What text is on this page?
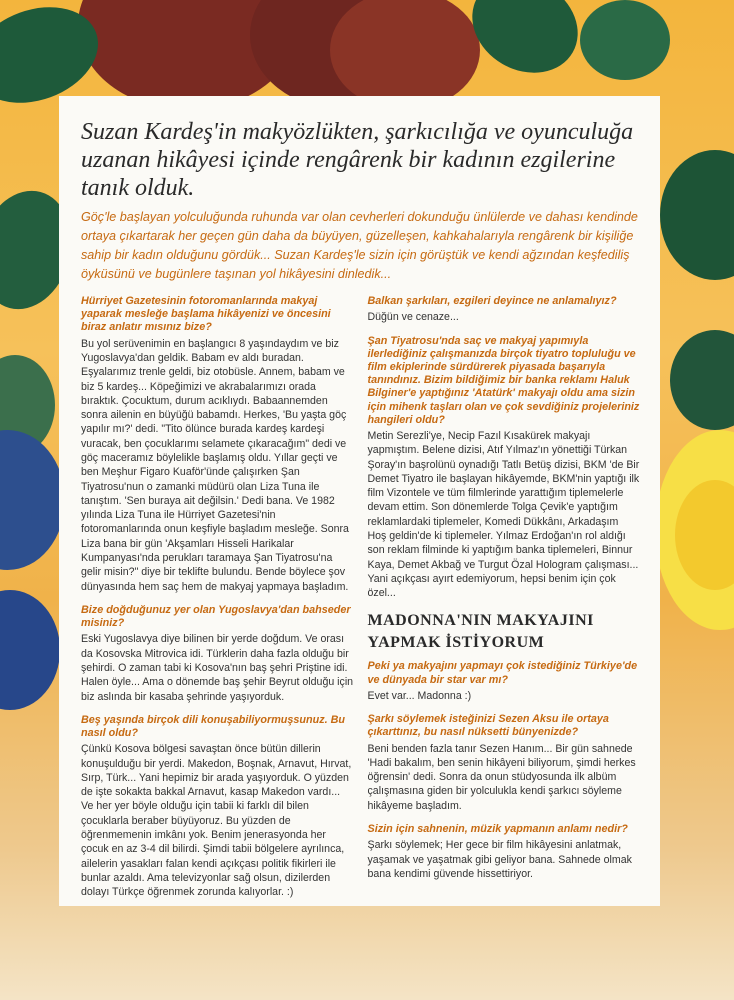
Suzan Kardeş'in makyözlükten, şarkıcılığa ve oyunculuğa uzanan hikâyesi içinde rengârenk bir kadının ezgilerine tanık olduk.

Göç'le başlayan yolculuğunda ruhunda var olan cevherleri dokunduğu ünlülerde ve dahası kendinde ortaya çıkartarak her geçen gün daha da büyüyen, güzelleşen, kahkahalarıyla rengârenk bir kişiliğe sahip bir kadın olduğunu gördük... Suzan Kardeş'le sizin için görüştük ve kendi ağzından keşfediliş öyküsünü ve bugünlere taşınan yol hikâyesini dinledik...

Hürriyet Gazetesinin fotoromanlarında makyaj yaparak mesleğe başlama hikâyenizi ve öncesini biraz anlatır mısınız bize?

Bu yol serüvenimin en başlangıcı 8 yaşındaydım ve biz Yugoslavya'dan geldik. Babam ev aldı buradan. Eşyalarımız trenle geldi, biz otobüsle. Annem, babam ve biz 5 kardeş... Köpeğimizi ve akrabalarımızı orada bıraktık. Çocuktum, durum acıklıydı. Babaannemden sonra ailenin en büyüğü babamdı. Herkes, 'Bu yaşta göç yapılır mı?' dedi. "Tito ölünce burada kardeş kardeşi vuracak, ben çocuklarımı selamete çıkaracağım" dedi ve göç maceramız böylelikle başlamış oldu. Yıllar geçti ve ben Meşhur Figaro Kuaför'ünde çalışırken Şan Tiyatrosu'nun o zamanki müdürü olan Liza Tuna ile tanıştım. 'Sen buraya ait değilsin.' Dedi bana. Ve 1982 yılında Liza Tuna ile Hürriyet Gazetesi'nin fotoromanlarında onun keşfiyle başladım mesleğe. Sonra Liza bana bir gün 'Akşamları Hisseli Harikalar Kumpanyası'nda perukları taramaya Şan Tiyatrosu'na gelir misin?" diye bir teklifte bulundu. Bende böylece şov dünyasında hem saç hem de makyaj yapmaya başladım.

Bize doğduğunuz yer olan Yugoslavya'dan bahseder misiniz?

Eski Yugoslavya diye bilinen bir yerde doğdum. Ve orası da Kosovska Mitrovica idi. Türklerin daha fazla olduğu bir şehirdi. O zaman tabi ki Kosova'nın baş şehri Priştine idi. Halen öyle... Ama o dönemde baş şehir Beyrut olduğu için biz aslında bir kasaba şehrinde yaşıyorduk.

Beş yaşında birçok dili konuşabiliyormuşsunuz. Bu nasıl oldu?

Çünkü Kosova bölgesi savaştan önce bütün dillerin konuşulduğu bir yerdi. Makedon, Boşnak, Arnavut, Hırvat, Sırp, Türk... Yani hepimiz bir arada yaşıyorduk. O yüzden de işte sokakta bakkal Arnavut, kasap Makedon vardı... Ve her yer böyle olduğu için tabii ki farklı dil bilen çocuklarla beraber büyüyoruz. Bu yüzden de öğrenmemenin imkânı yok. Benim jenerasyonda her çocuk en az 3-4 dil bilirdi. Şimdi tabii bölgelere ayrılınca, ailelerin yasakları falan kendi açıkçası politik fikirleri ile bunlar azaldı. Ama televizyonlar sağ olsun, dizilerden dolayı Türkçe öğrenmek zorunda kalıyorlar. :)

Balkan şarkıları, ezgileri deyince ne anlamalıyız?

Düğün ve cenaze...

Şan Tiyatrosu'nda saç ve makyaj yapımıyla ilerlediğiniz çalışmanızda birçok tiyatro topluluğu ve film ekiplerinde sürdürerek piyasada başarıyla tanındınız. Bizim bildiğimiz bir banka reklamı Haluk Bilginer'e yaptığınız 'Atatürk' makyajı oldu ama sizin için mihenk taşları olan ve çok sevdiğiniz projeleriniz hangileri oldu?

Metin Serezli'ye, Necip Fazıl Kısakürek makyajı yapmıştım. Belene dizisi, Atıf Yılmaz'ın yönettiği Türkan Şoray'ın başrolünü oynadığı Tatlı Betüş dizisi, BKM 'de Bir Demet Tiyatro ile başlayan hikâyemde, BKM'nin yaptığı ilk film Vizontele ve tüm filmlerinde yarattığım tiplemelerle devam ettim. Son dönemlerde Tolga Çevik'e yaptığım reklamlardaki tiplemeler, Komedi Dükkânı, Arkadaşım Hoş geldin'de ki tiplemeler. Yılmaz Erdoğan'ın rol aldığı son reklam filminde ki yaptığım banka tiplemeleri, Binnur Kaya, Demet Akbağ ve Turgut Özal Hologram çalışması... Yani açıkçası ayırt edemiyorum, hepsi benim için çok özel...

MADONNA'NIN MAKYAJINI YAPMAK İSTİYORUM

Peki ya makyajını yapmayı çok istediğiniz Türkiye'de ve dünyada bir star var mı?

Evet var... Madonna :)

Şarkı söylemek isteğinizi Sezen Aksu ile ortaya çıkarttınız, bu nasıl nüksetti bünyenizde?

Beni benden fazla tanır Sezen Hanım... Bir gün sahnede 'Hadi bakalım, ben senin hikâyeni biliyorum, şimdi herkes öğrensin' dedi. Sonra da onun stüdyosunda ilk albüm çalışmasına giden bir yolculukla kendi şarkıcı söyleme hikâyeme başladım.

Sizin için sahnenin, müzik yapmanın anlamı nedir?

Şarkı söylemek; Her gece bir film hikâyesini anlatmak, yaşamak ve yaşatmak gibi geliyor bana. Sahnede olmak bana kendimi güvende hissettiriyor.
